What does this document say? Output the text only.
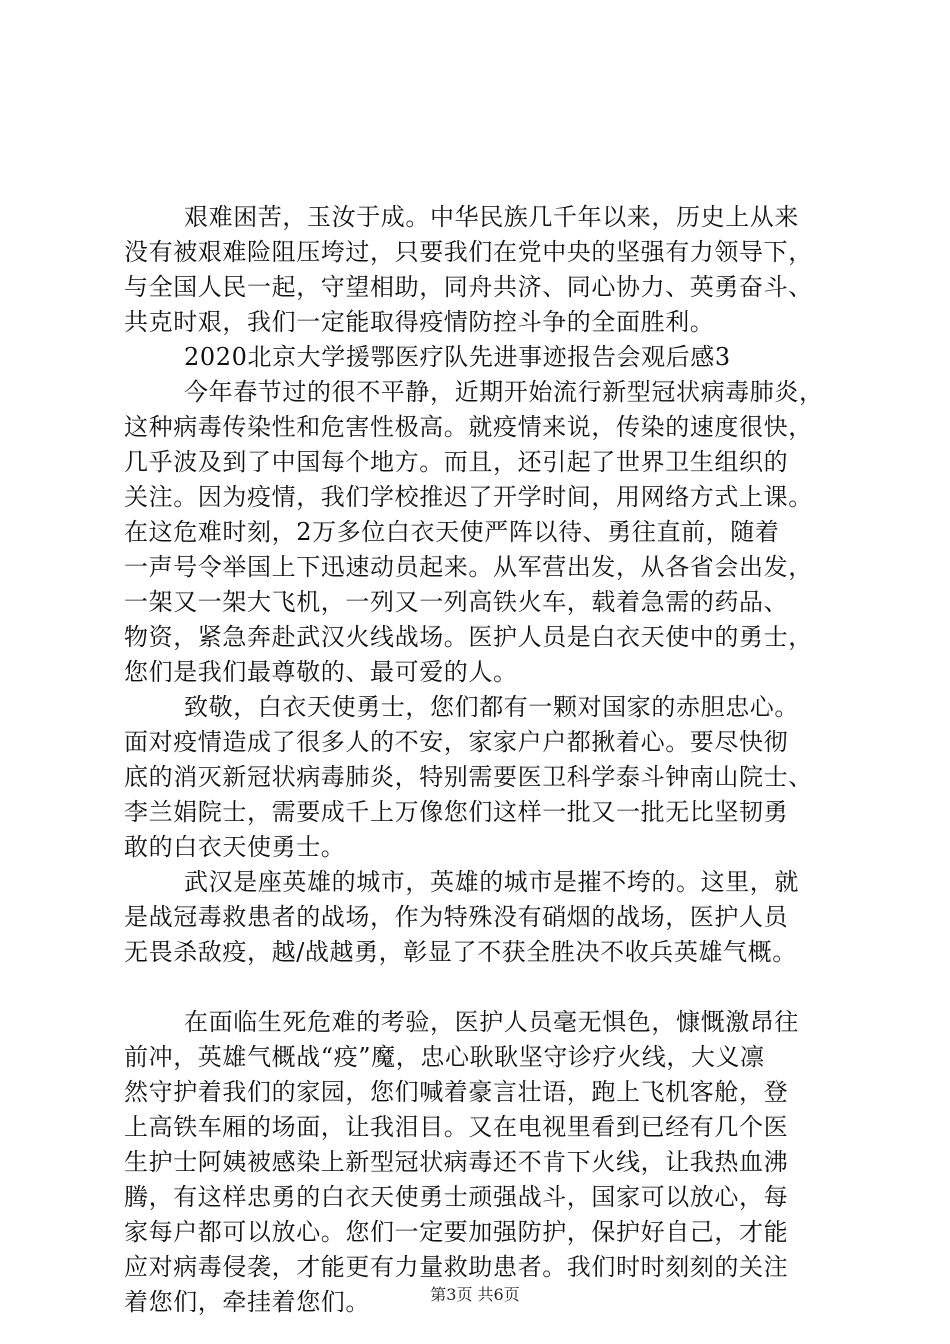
艰难困苦，玉汝于成。中华民族几千年以来，历史上从来
没有被艰难险阻压垮过，只要我们在党中央的坚强有力领导下，
与全国人民一起，守望相助，同舟共济、同心协力、英勇奋斗、
共克时艰，我们一定能取得疫情防控斗争的全面胜利。
2020北京大学援鄂医疗队先进事迹报告会观后感3
今年春节过的很不平静，近期开始流行新型冠状病毒肺炎，
这种病毒传染性和危害性极高。就疫情来说，传染的速度很快，
几乎波及到了中国每个地方。而且，还引起了世界卫生组织的
关注。因为疫情，我们学校推迟了开学时间，用网络方式上课。
在这危难时刻，2万多位白衣天使严阵以待、勇往直前，随着
一声号令举国上下迅速动员起来。从军营出发，从各省会出发，
一架又一架大飞机，一列又一列高铁火车，载着急需的药品、
物资，紧急奔赴武汉火线战场。医护人员是白衣天使中的勇士，
您们是我们最尊敬的、最可爱的人。
致敬，白衣天使勇士，您们都有一颗对国家的赤胆忠心。
面对疫情造成了很多人的不安，家家户户都揪着心。要尽快彻
底的消灭新冠状病毒肺炎，特别需要医卫科学泰斗钟南山院士、
李兰娟院士，需要成千上万像您们这样一批又一批无比坚韧勇
敢的白衣天使勇士。
武汉是座英雄的城市，英雄的城市是摧不垮的。这里，就
是战冠毒救患者的战场，作为特殊没有硝烟的战场，医护人员
无畏杀敌疫，越/战越勇，彰显了不获全胜决不收兵英雄气概。
在面临生死危难的考验，医护人员毫无惧色，慷慨激昂往
前冲，英雄气概战“疫”魔，忠心耿耿坚守诊疗火线，大义凛
然守护着我们的家园，您们喊着豪言壮语，跑上飞机客舱，登
上高铁车厢的场面，让我泪目。又在电视里看到已经有几个医
生护士阿姨被感染上新型冠状病毒还不肯下火线，让我热血沸
腾，有这样忠勇的白衣天使勇士顽强战斗，国家可以放心，每
家每户都可以放心。您们一定要加强防护，保护好自己，才能
应对病毒侵袭，才能更有力量救助患者。我们时时刻刻的关注
着您们，牵挂着您们。	第3页 共6页
